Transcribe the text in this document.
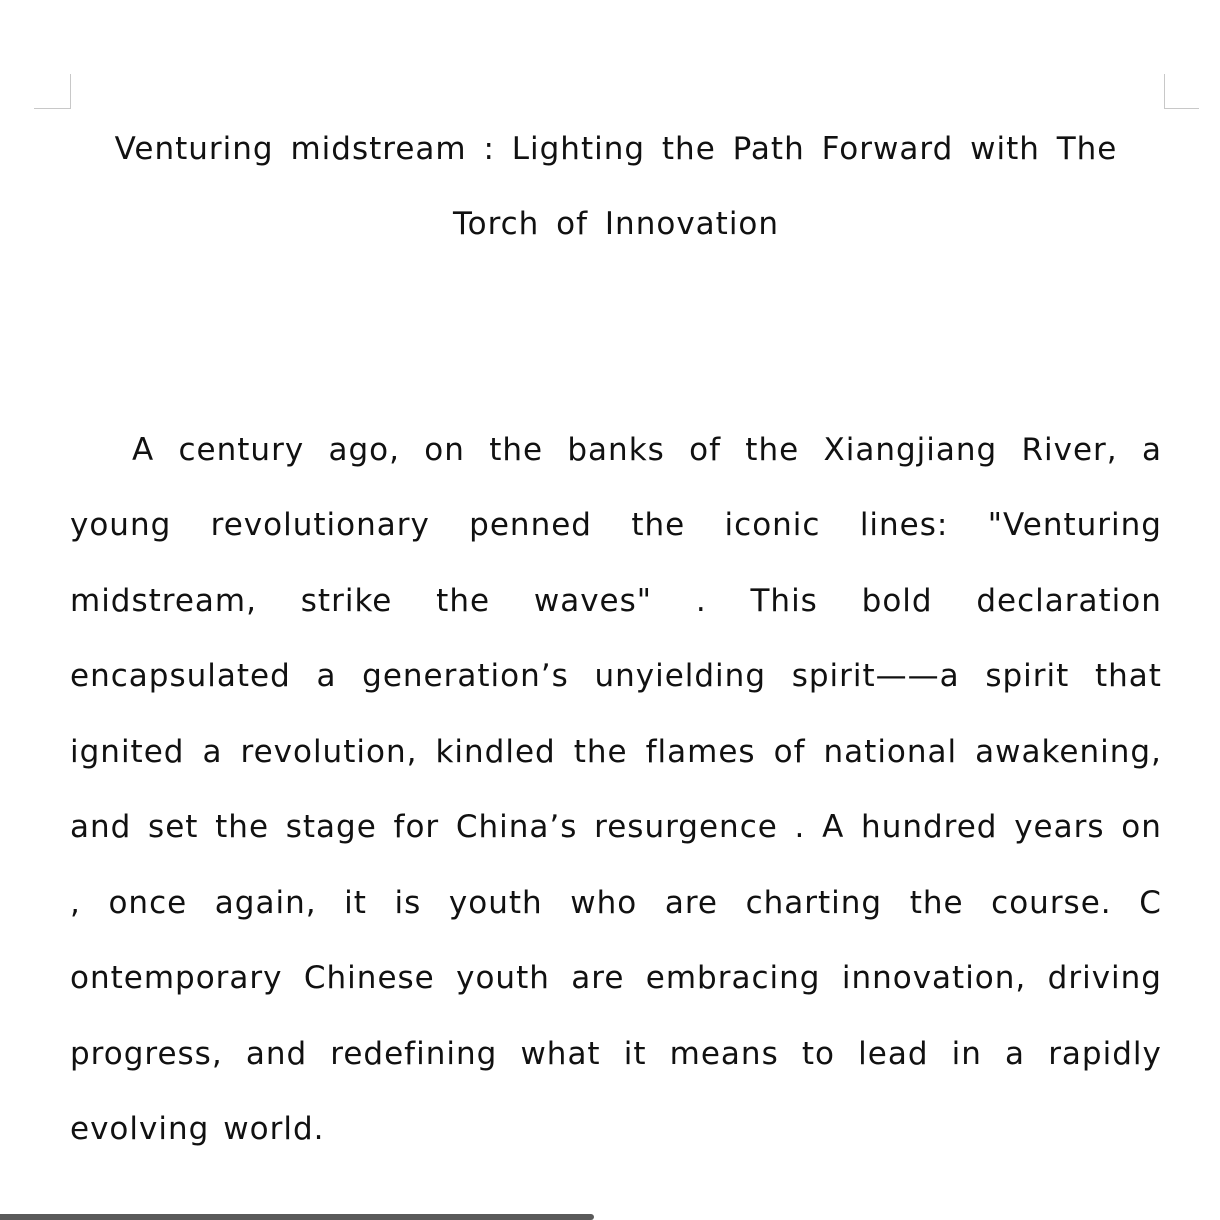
Venturing midstream : Lighting the Path Forward with The
Torch of Innovation
A century ago, on the banks of the Xiangjiang River, a
young revolutionary penned the iconic lines: "Venturing
midstream, strike the waves" . This bold declaration
encapsulated a generation’s unyielding spirit——a spirit that
ignited a revolution, kindled the flames of national awakening,
and set the stage for China’s resurgence . A hundred years on
, once again, it is youth who are charting the course. C
ontemporary Chinese youth are embracing innovation, driving
progress, and redefining what it means to lead in a rapidly
evolving world.
